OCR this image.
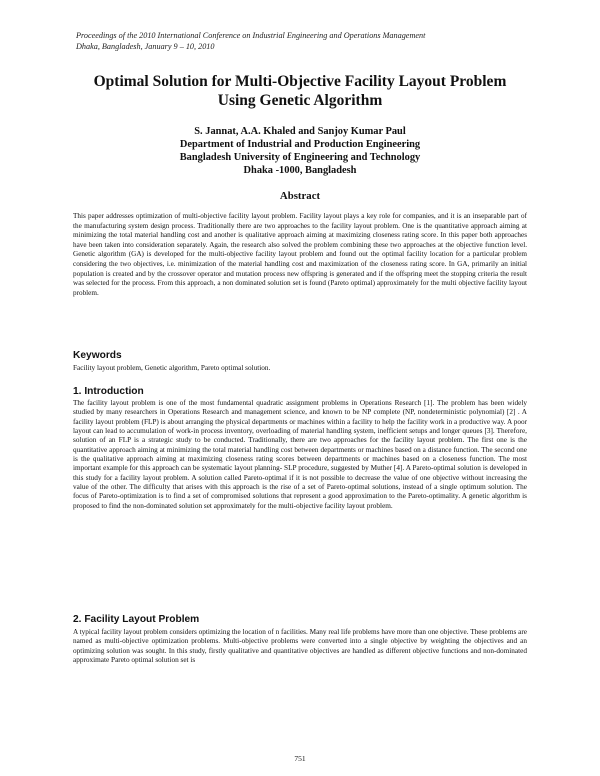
Proceedings of the 2010 International Conference on Industrial Engineering and Operations Management
Dhaka, Bangladesh, January 9 – 10, 2010
Optimal Solution for Multi-Objective Facility Layout Problem
Using Genetic Algorithm
S. Jannat, A.A. Khaled and Sanjoy Kumar Paul
Department of Industrial and Production Engineering
Bangladesh University of Engineering and Technology
Dhaka -1000, Bangladesh
Abstract
This paper addresses optimization of multi-objective facility layout problem. Facility layout plays a key role for companies, and it is an inseparable part of the manufacturing system design process. Traditionally there are two approaches to the facility layout problem. One is the quantitative approach aiming at minimizing the total material handling cost and another is qualitative approach aiming at maximizing closeness rating score. In this paper both approaches have been taken into consideration separately. Again, the research also solved the problem combining these two approaches at the objective function level. Genetic algorithm (GA) is developed for the multi-objective facility layout problem and found out the optimal facility location for a particular problem considering the two objectives, i.e. minimization of the material handling cost and maximization of the closeness rating score. In GA, primarily an initial population is created and by the crossover operator and mutation process new offspring is generated and if the offspring meet the stopping criteria the result was selected for the process. From this approach, a non dominated solution set is found (Pareto optimal) approximately for the multi objective facility layout problem.
Keywords
Facility layout problem, Genetic algorithm, Pareto optimal solution.
1. Introduction
The facility layout problem is one of the most fundamental quadratic assignment problems in Operations Research [1]. The problem has been widely studied by many researchers in Operations Research and management science, and known to be NP complete (NP, nondeterministic polynomial) [2] . A facility layout problem (FLP) is about arranging the physical departments or machines within a facility to help the facility work in a productive way. A poor layout can lead to accumulation of work-in process inventory, overloading of material handling system, inefficient setups and longer queues [3]. Therefore, solution of an FLP is a strategic study to be conducted. Traditionally, there are two approaches for the facility layout problem. The first one is the quantitative approach aiming at minimizing the total material handling cost between departments or machines based on a distance function. The second one is the qualitative approach aiming at maximizing closeness rating scores between departments or machines based on a closeness function. The most important example for this approach can be systematic layout planning- SLP procedure, suggested by Muther [4]. A Pareto-optimal solution is developed in this study for a facility layout problem. A solution called Pareto-optimal if it is not possible to decrease the value of one objective without increasing the value of the other. The difficulty that arises with this approach is the rise of a set of Pareto-optimal solutions, instead of a single optimum solution. The focus of Pareto-optimization is to find a set of compromised solutions that represent a good approximation to the Pareto-optimality. A genetic algorithm is proposed to find the non-dominated solution set approximately for the multi-objective facility layout problem.
2. Facility Layout Problem
A typical facility layout problem considers optimizing the location of n facilities. Many real life problems have more than one objective. These problems are named as multi-objective optimization problems. Multi-objective problems were converted into a single objective by weighting the objectives and an optimizing solution was sought. In this study, firstly qualitative and quantitative objectives are handled as different objective functions and non-dominated approximate Pareto optimal solution set is
751
